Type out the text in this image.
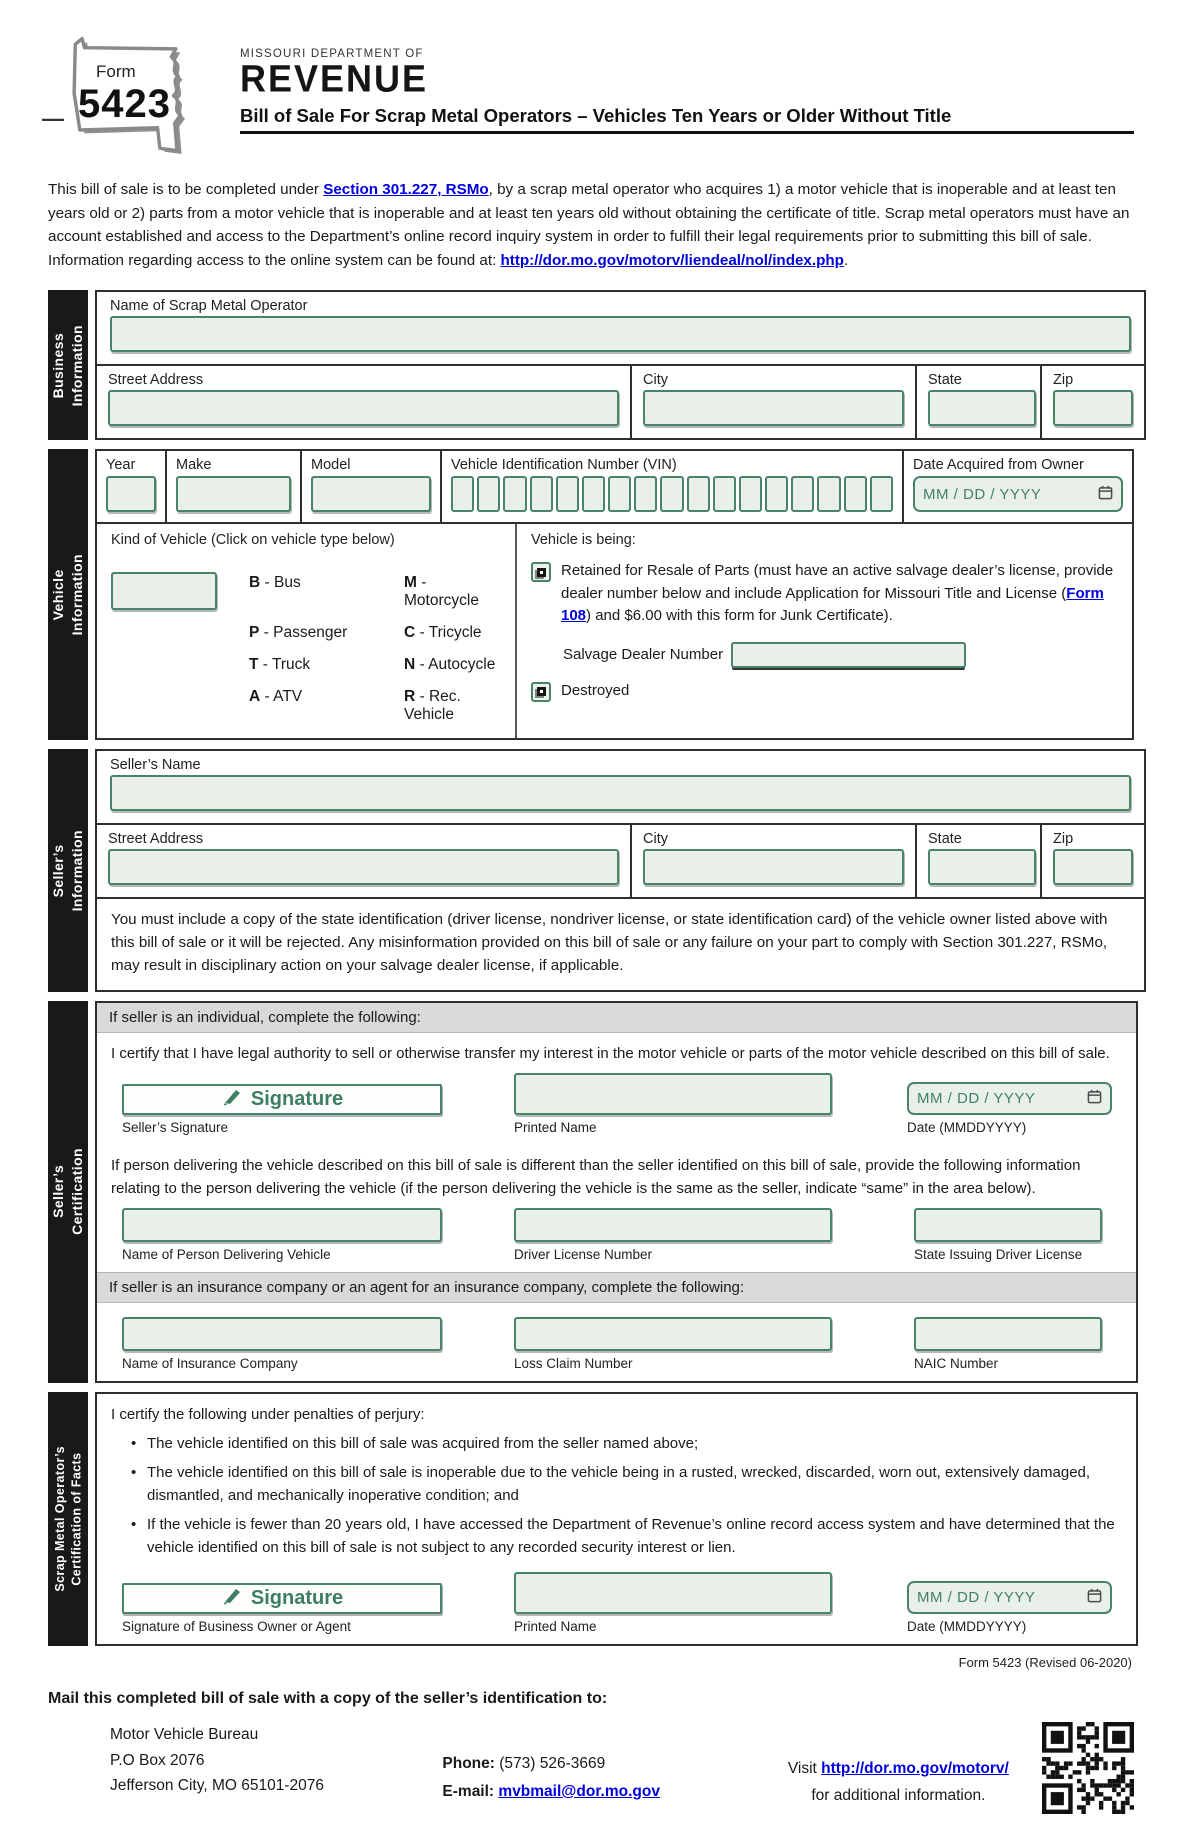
—
Form
5423
MISSOURI DEPARTMENT OF
REVENUE
Bill of Sale For Scrap Metal Operators – Vehicles Ten Years or Older Without Title
This bill of sale is to be completed under Section 301.227, RSMo, by a scrap metal operator who acquires 1) a motor vehicle that is inoperable and at least ten years old or 2) parts from a motor vehicle that is inoperable and at least ten years old without obtaining the certificate of title. Scrap metal operators must have an account established and access to the Department’s online record inquiry system in order to fulfill their legal requirements prior to submitting this bill of sale. Information regarding access to the online system can be found at: http://dor.mo.gov/motorv/liendeal/nol/index.php.
Business Information
Name of Scrap Metal Operator
Street Address	City	State	Zip
Vehicle Information
Year	Make	Model	Vehicle Identification Number (VIN)	Date Acquired from Owner
MM / DD / YYYY
Kind of Vehicle (Click on vehicle type below)
B - Bus	M - Motorcycle
P - Passenger	C - Tricycle
T - Truck	N - Autocycle
A - ATV	R - Rec. Vehicle
Vehicle is being:
Retained for Resale of Parts (must have an active salvage dealer’s license, provide dealer number below and include Application for Missouri Title and License (Form 108) and $6.00 with this form for Junk Certificate).
Salvage Dealer Number
Destroyed
Seller’s Information
Seller’s Name
Street Address	City	State	Zip
You must include a copy of the state identification (driver license, nondriver license, or state identification card) of the vehicle owner listed above with this bill of sale or it will be rejected. Any misinformation provided on this bill of sale or any failure on your part to comply with Section 301.227, RSMo, may result in disciplinary action on your salvage dealer license, if applicable.
Seller’s Certification
If seller is an individual, complete the following:
I certify that I have legal authority to sell or otherwise transfer my interest in the motor vehicle or parts of the motor vehicle described on this bill of sale.
Signature	MM / DD / YYYY
Seller’s Signature	Printed Name	Date (MMDDYYYY)
If person delivering the vehicle described on this bill of sale is different than the seller identified on this bill of sale, provide the following information relating to the person delivering the vehicle (if the person delivering the vehicle is the same as the seller, indicate “same” in the area below).
Name of Person Delivering Vehicle	Driver License Number	State Issuing Driver License
If seller is an insurance company or an agent for an insurance company, complete the following:
Name of Insurance Company	Loss Claim Number	NAIC Number
Scrap Metal Operator’s Certification of Facts
I certify the following under penalties of perjury:
• The vehicle identified on this bill of sale was acquired from the seller named above;
• The vehicle identified on this bill of sale is inoperable due to the vehicle being in a rusted, wrecked, discarded, worn out, extensively damaged, dismantled, and mechanically inoperative condition; and
• If the vehicle is fewer than 20 years old, I have accessed the Department of Revenue’s online record access system and have determined that the vehicle identified on this bill of sale is not subject to any recorded security interest or lien.
Signature	MM / DD / YYYY
Signature of Business Owner or Agent	Printed Name	Date (MMDDYYYY)
Form 5423 (Revised 06-2020)
Mail this completed bill of sale with a copy of the seller’s identification to:
Motor Vehicle Bureau
P.O Box 2076
Jefferson City, MO 65101-2076
Phone: (573) 526-3669
E-mail: mvbmail@dor.mo.gov
Visit http://dor.mo.gov/motorv/
for additional information.
